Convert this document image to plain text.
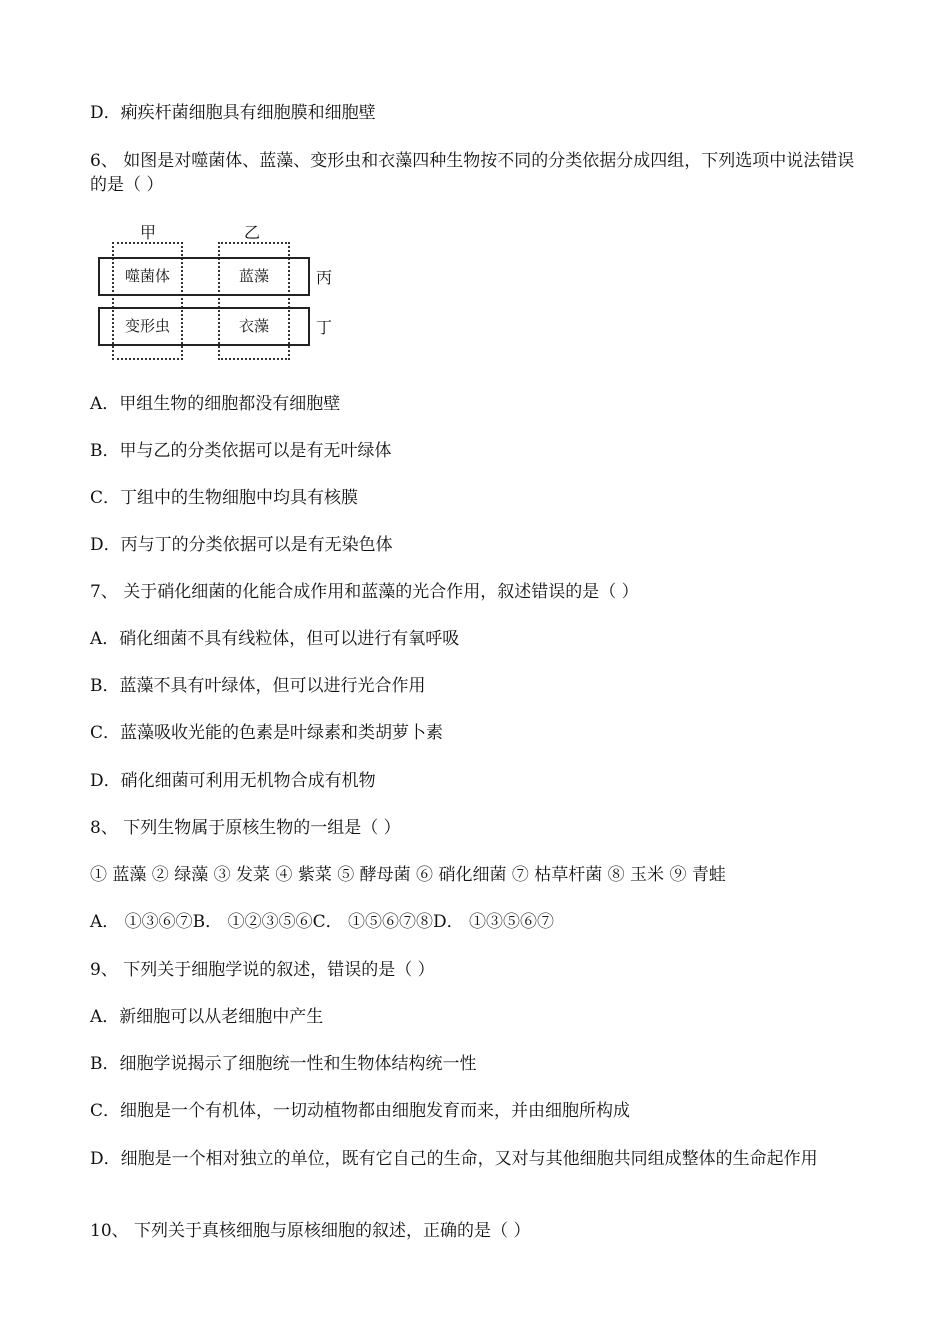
D．痢疾杆菌细胞具有细胞膜和细胞壁
6、 如图是对噬菌体、蓝藻、变形虫和衣藻四种生物按不同的分类依据分成四组，下列选项中说法错误的是（ ）
甲	乙
噬菌体	蓝藻
变形虫	衣藻
丙
丁
A．甲组生物的细胞都没有细胞壁
B．甲与乙的分类依据可以是有无叶绿体
C．丁组中的生物细胞中均具有核膜
D．丙与丁的分类依据可以是有无染色体
7、 关于硝化细菌的化能合成作用和蓝藻的光合作用，叙述错误的是（ ）
A．硝化细菌不具有线粒体，但可以进行有氧呼吸
B．蓝藻不具有叶绿体，但可以进行光合作用
C．蓝藻吸收光能的色素是叶绿素和类胡萝卜素
D．硝化细菌可利用无机物合成有机物
8、 下列生物属于原核生物的一组是（ ）
① 蓝藻 ② 绿藻 ③ 发菜 ④ 紫菜 ⑤ 酵母菌 ⑥ 硝化细菌 ⑦ 枯草杆菌 ⑧ 玉米 ⑨ 青蛙
A． ①③⑥⑦B． ①②③⑤⑥C． ①⑤⑥⑦⑧D． ①③⑤⑥⑦
9、 下列关于细胞学说的叙述，错误的是（ ）
A．新细胞可以从老细胞中产生
B．细胞学说揭示了细胞统一性和生物体结构统一性
C．细胞是一个有机体，一切动植物都由细胞发育而来，并由细胞所构成
D．细胞是一个相对独立的单位，既有它自己的生命，又对与其他细胞共同组成整体的生命起作用
10、 下列关于真核细胞与原核细胞的叙述，正确的是（ ）
